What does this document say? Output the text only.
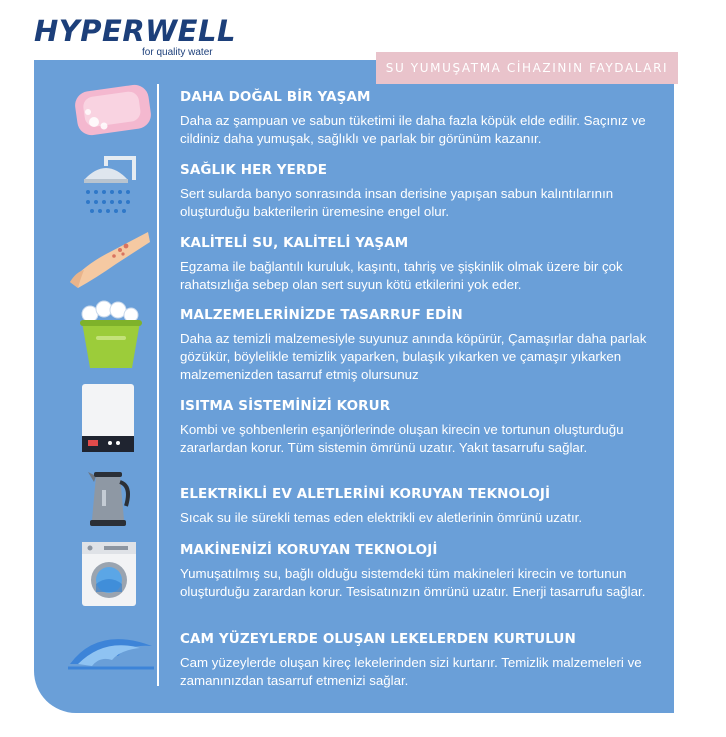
HYPERWELL
for quality water
SU YUMUŞATMA CİHAZININ FAYDALARI

DAHA DOĞAL BİR YAŞAM

Daha az şampuan ve sabun tüketimi ile daha fazla köpük elde edilir. Saçınız ve cildiniz daha yumuşak, sağlıklı ve parlak bir görünüm kazanır.

SAĞLIK HER YERDE

Sert sularda banyo sonrasında insan derisine yapışan sabun kalıntılarının oluşturduğu bakterilerin üremesine engel olur.

KALİTELİ SU, KALİTELİ YAŞAM

Egzama ile bağlantılı kuruluk, kaşıntı, tahriş ve şişkinlik olmak üzere bir çok rahatsızlığa sebep olan sert suyun kötü etkilerini yok eder.

MALZEMELERİNİZDE TASARRUF EDİN

Daha az temizli malzemesiyle suyunuz anında köpürür, Çamaşırlar daha parlak gözükür, böylelikle temizlik yaparken, bulaşık yıkarken ve çamaşır yıkarken malzemenizden tasarruf etmiş olursunuz

ISITMA SİSTEMİNİZİ KORUR

Kombi ve şohbenlerin eşanjörlerinde oluşan kirecin ve tortunun oluşturduğu zararlardan korur. Tüm sistemin ömrünü uzatır. Yakıt tasarrufu sağlar.

ELEKTRİKLİ EV ALETLERİNİ KORUYAN TEKNOLOJİ

Sıcak su ile sürekli temas eden elektrikli ev aletlerinin ömrünü uzatır.

MAKİNENİZİ KORUYAN TEKNOLOJİ

Yumuşatılmış su, bağlı olduğu sistemdeki tüm makineleri kirecin ve tortunun oluşturduğu zarardan korur. Tesisatınızın ömrünü uzatır. Enerji tasarrufu sağlar.

CAM YÜZEYLERDE OLUŞAN LEKELERDEN KURTULUN

Cam yüzeylerde oluşan kireç lekelerinden sizi kurtarır. Temizlik malzemeleri ve zamanınızdan tasarruf etmenizi sağlar.
